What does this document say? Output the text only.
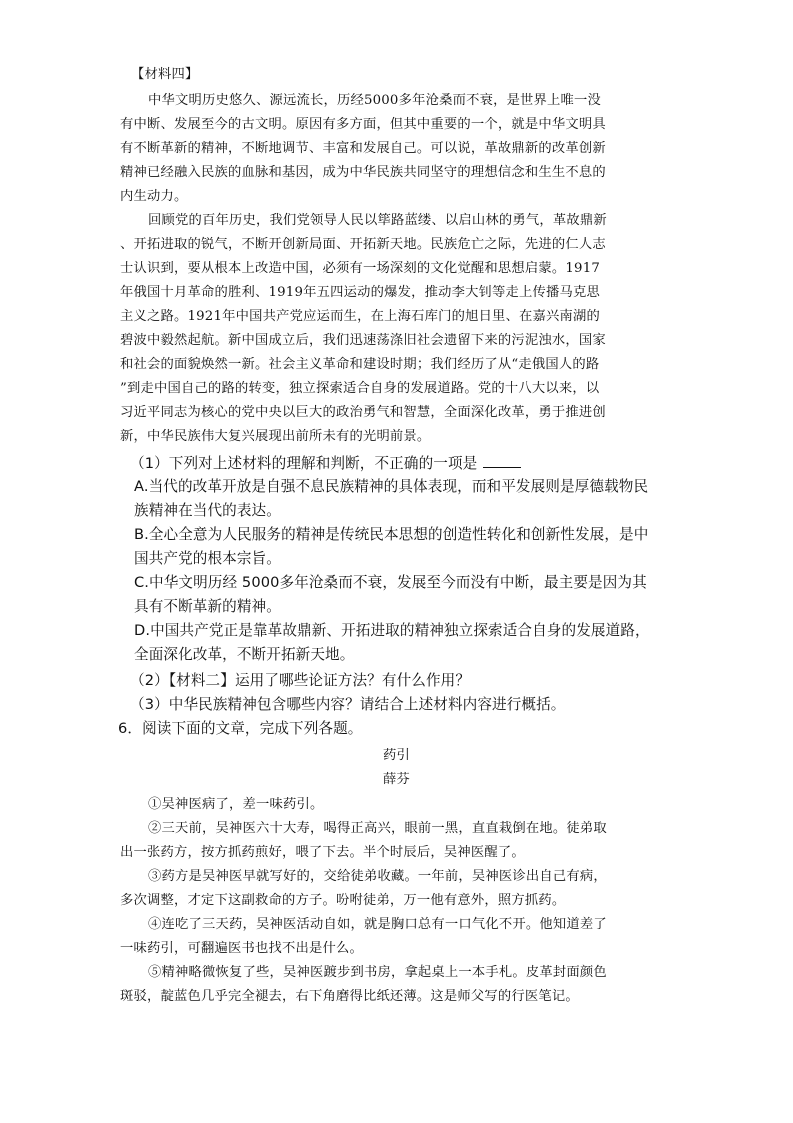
【材料四】
中华文明历史悠久、源远流长，历经5000多年沧桑而不衰，是世界上唯一没
有中断、发展至今的古文明。原因有多方面，但其中重要的一个，就是中华文明具
有不断革新的精神，不断地调节、丰富和发展自己。可以说，革故鼎新的改革创新
精神已经融入民族的血脉和基因，成为中华民族共同坚守的理想信念和生生不息的
内生动力。
回顾党的百年历史，我们党领导人民以筚路蓝缕、以启山林的勇气，革故鼎新
、开拓进取的锐气，不断开创新局面、开拓新天地。民族危亡之际，先进的仁人志
士认识到，要从根本上改造中国，必须有一场深刻的文化觉醒和思想启蒙。1917
年俄国十月革命的胜利、1919年五四运动的爆发，推动李大钊等走上传播马克思
主义之路。1921年中国共产党应运而生，在上海石库门的旭日里、在嘉兴南湖的
碧波中毅然起航。新中国成立后，我们迅速荡涤旧社会遗留下来的污泥浊水，国家
和社会的面貌焕然一新。社会主义革命和建设时期；我们经历了从“走俄国人的路
”到走中国自己的路的转变，独立探索适合自身的发展道路。党的十八大以来，以
习近平同志为核心的党中央以巨大的政治勇气和智慧，全面深化改革，勇于推进创
新，中华民族伟大复兴展现出前所未有的光明前景。
（1）下列对上述材料的理解和判断，不正确的一项是
A.当代的改革开放是自强不息民族精神的具体表现，而和平发展则是厚德载物民
族精神在当代的表达。
B.全心全意为人民服务的精神是传统民本思想的创造性转化和创新性发展，是中
国共产党的根本宗旨。
C.中华文明历经 5000多年沧桑而不衰，发展至今而没有中断，最主要是因为其
具有不断革新的精神。
D.中国共产党正是靠革故鼎新、开拓进取的精神独立探索适合自身的发展道路，
全面深化改革，不断开拓新天地。
（2）【材料二】运用了哪些论证方法？有什么作用？
（3）中华民族精神包含哪些内容？请结合上述材料内容进行概括。
6．阅读下面的文章，完成下列各题。
药引
薛芬
①吴神医病了，差一味药引。
②三天前，吴神医六十大寿，喝得正高兴，眼前一黑，直直栽倒在地。徒弟取
出一张药方，按方抓药煎好，喂了下去。半个时辰后，吴神医醒了。
③药方是吴神医早就写好的，交给徒弟收藏。一年前，吴神医诊出自己有病，
多次调整，才定下这副救命的方子。吩咐徒弟，万一他有意外，照方抓药。
④连吃了三天药，吴神医活动自如，就是胸口总有一口气化不开。他知道差了
一味药引，可翻遍医书也找不出是什么。
⑤精神略微恢复了些，吴神医踱步到书房，拿起桌上一本手札。皮革封面颜色
斑驳，靛蓝色几乎完全褪去，右下角磨得比纸还薄。这是师父写的行医笔记。
